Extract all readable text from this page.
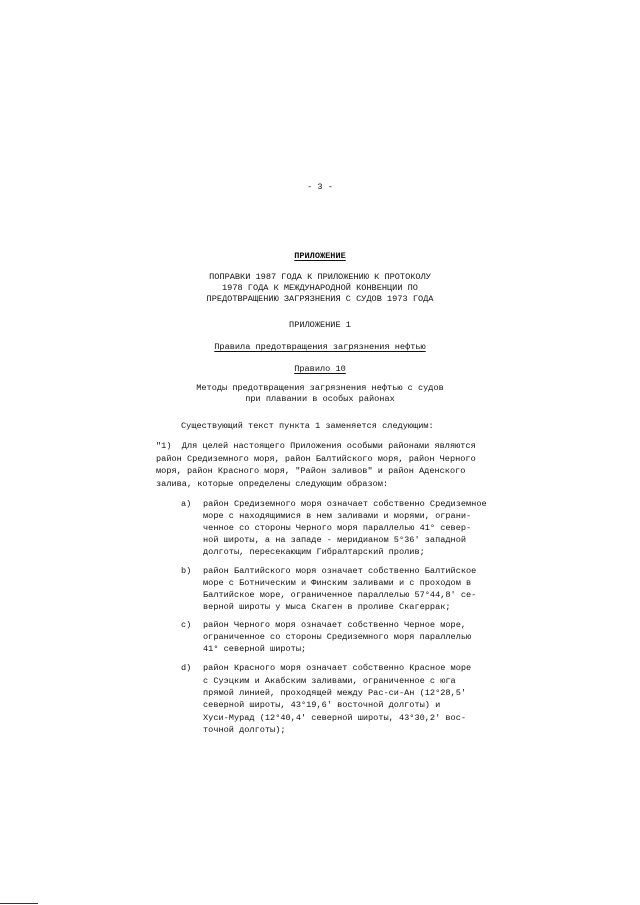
- 3 -
ПРИЛОЖЕНИЕ
ПОПРАВКИ 1987 ГОДА К ПРИЛОЖЕНИЮ К ПРОТОКОЛУ
1978 ГОДА К МЕЖДУНАРОДНОЙ КОНВЕНЦИИ ПО
ПРЕДОТВРАЩЕНИЮ ЗАГРЯЗНЕНИЯ С СУДОВ 1973 ГОДА
ПРИЛОЖЕНИЕ 1
Правила предотвращения загрязнения нефтью
Правило 10
Методы предотвращения загрязнения нефтью с судов
при плавании в особых районах
Существующий текст пункта 1 заменяется следующим:
"1)  Для целей настоящего Приложения особыми районами являются
район Средиземного моря, район Балтийского моря, район Черного
моря, район Красного моря, "Район заливов" и район Аденского
залива, которые определены следующим образом:
a) район Средиземного моря означает собственно Средиземное
море с находящимися в нем заливами и морями, ограни-
ченное со стороны Черного моря параллелью 41° север-
ной широты, а на западе - меридианом 5°36' западной
долготы, пересекающим Гибралтарский пролив;
b) район Балтийского моря означает собственно Балтийское
море с Ботническим и Финским заливами и с проходом в
Балтийское море, ограниченное параллелью 57°44,8' се-
верной широты у мыса Скаген в проливе Скагеррак;
c) район Черного моря означает собственно Черное море,
ограниченное со стороны Средиземного моря параллелью
41° северной широты;
d) район Красного моря означает собственно Красное море
с Суэцким и Акабским заливами, ограниченное с юга
прямой линией, проходящей между Рас-си-Ан (12°28,5'
северной широты, 43°19,6' восточной долготы) и
Хуси-Мурад (12°40,4' северной широты, 43°30,2' вос-
точной долготы);
